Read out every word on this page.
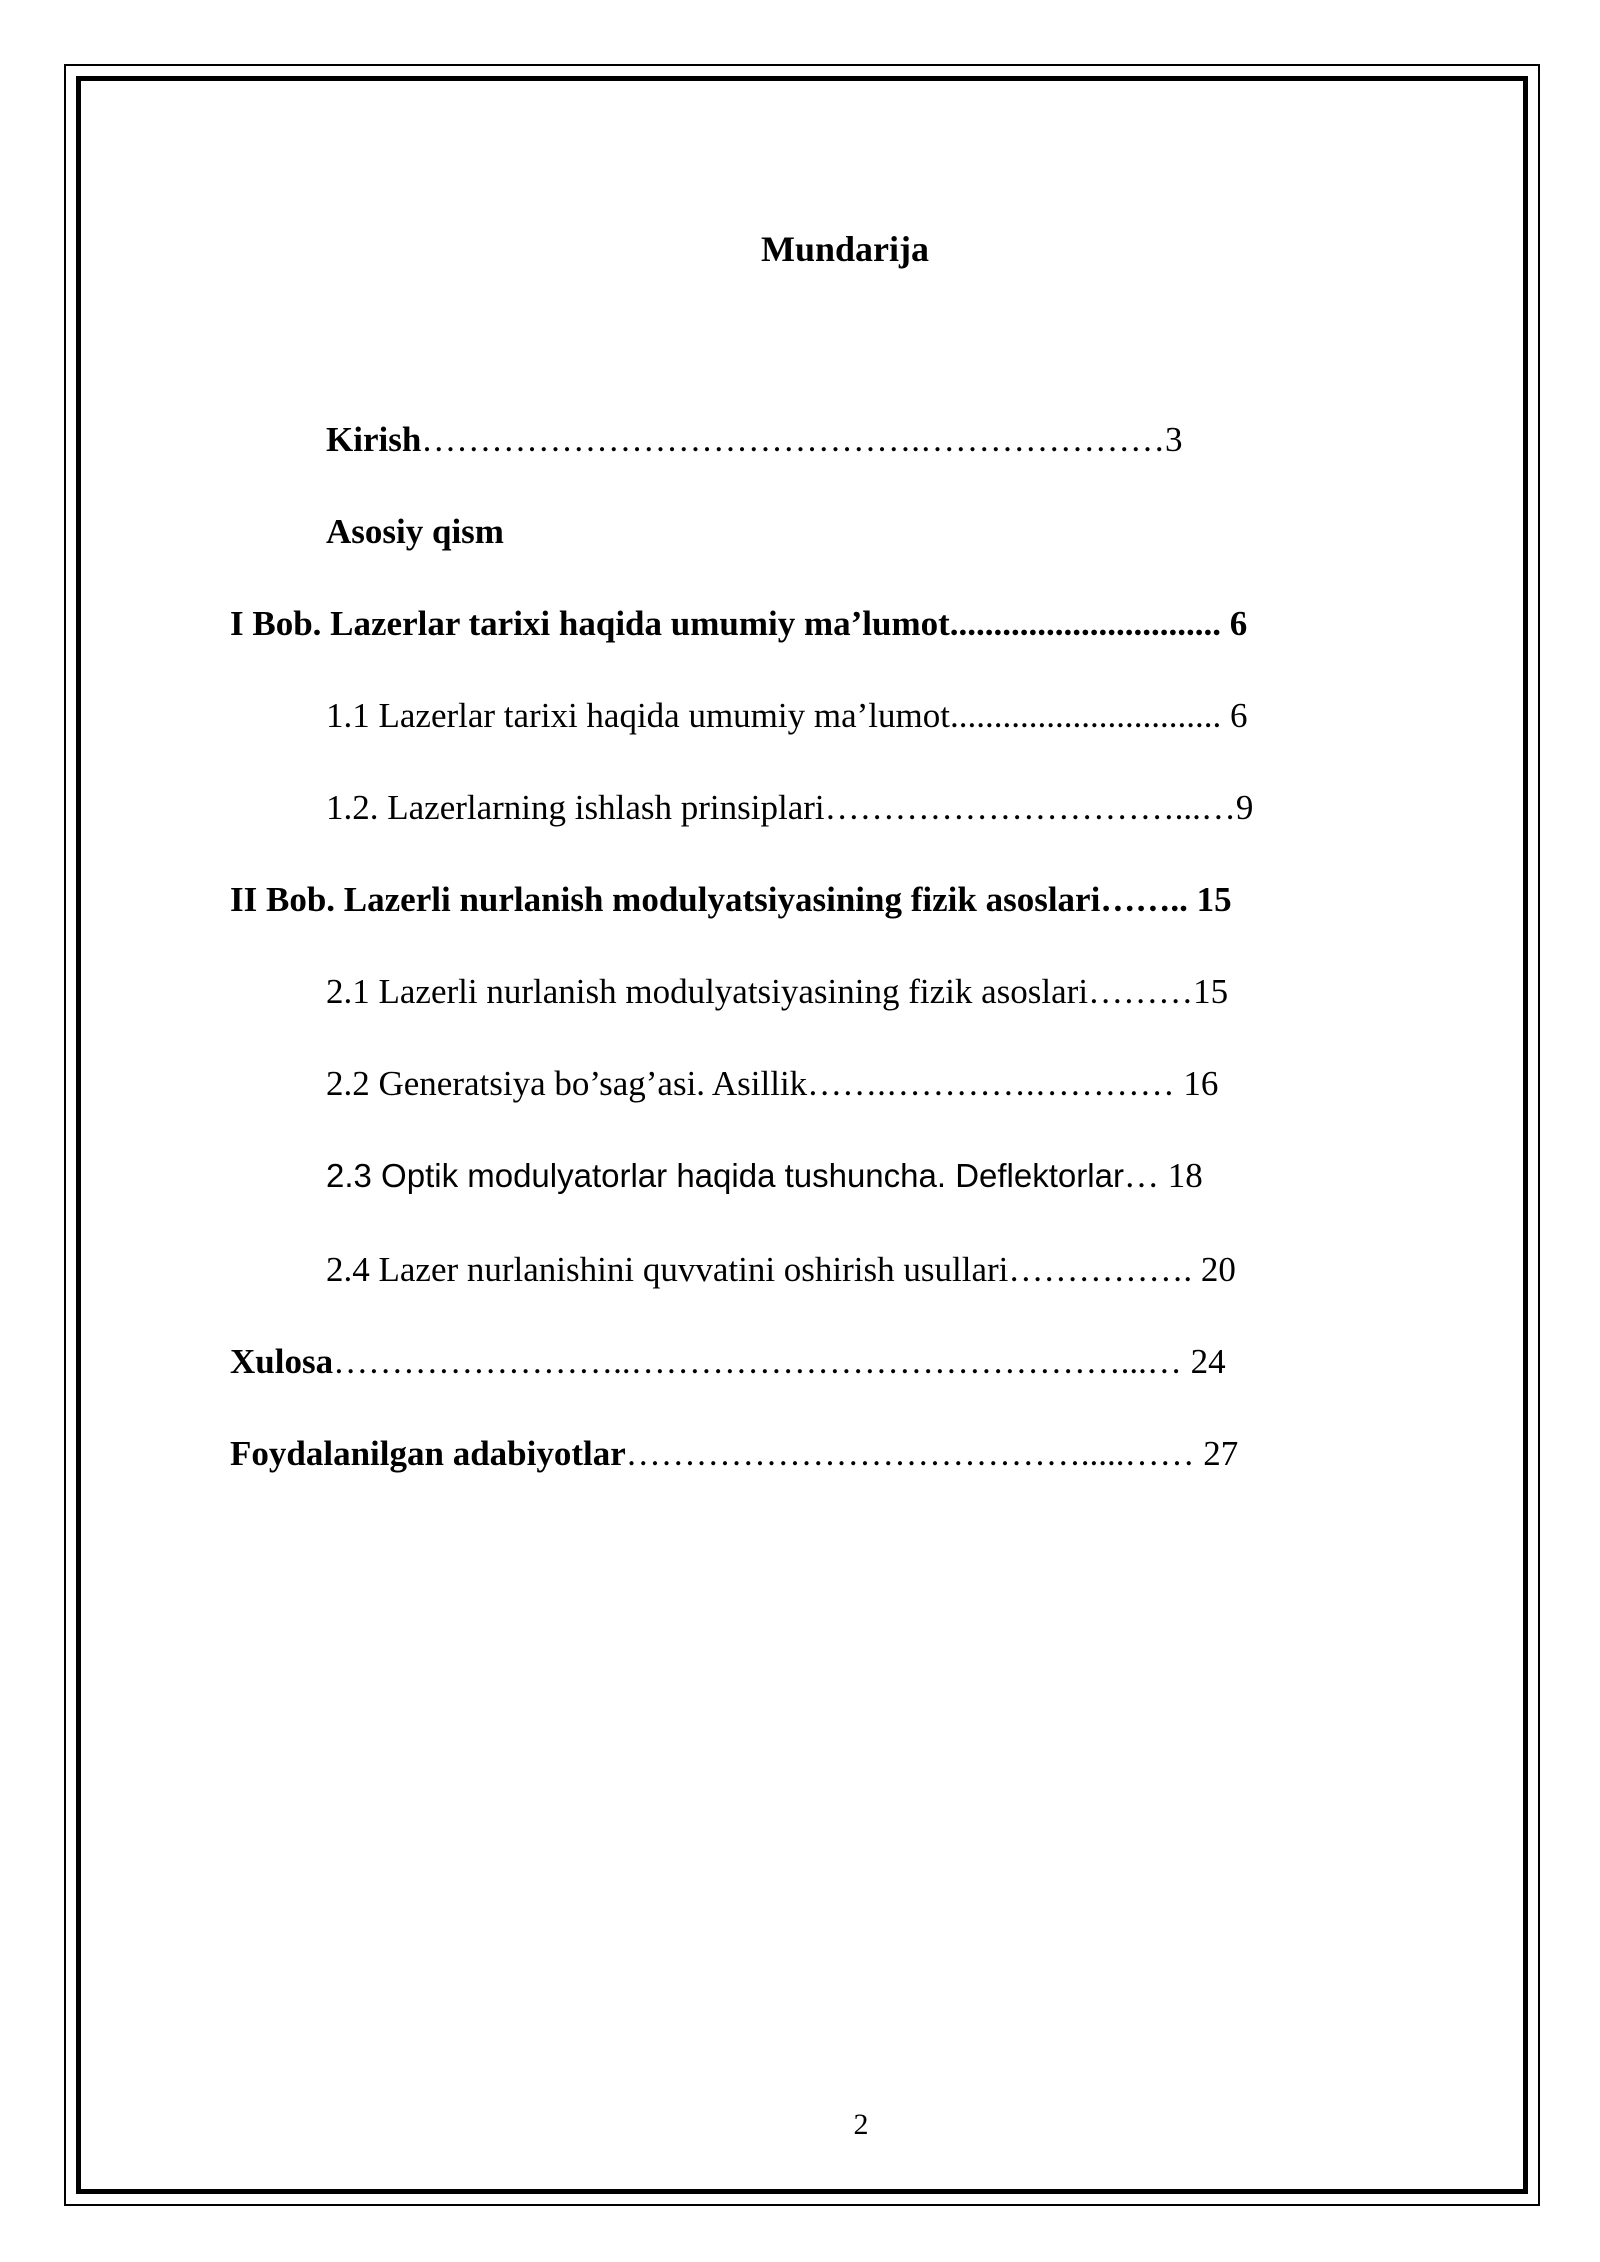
Mundarija
Kirish…………………………………….…………………3
Asosiy qism
I Bob. Lazerlar tarixi haqida umumiy ma’lumot............................... 6
1.1 Lazerlar tarixi haqida umumiy ma’lumot............................... 6
1.2. Lazerlarning ishlash prinsiplari…………………………...…9
II Bob. Lazerli nurlanish modulyatsiyasining fizik asoslari…….. 15
2.1 Lazerli nurlanish modulyatsiyasining fizik asoslari………15
2.2 Generatsiya bo’sag’asi. Asillik…….………….………… 16
2.3 Optik modulyatorlar haqida tushuncha. Deflektorlar… 18
2.4 Lazer nurlanishini quvvatini oshirish usullari……………. 20
Xulosa……………………..……………………………………...… 24
Foydalanilgan adabiyotlar………………………………….....…… 27
2
